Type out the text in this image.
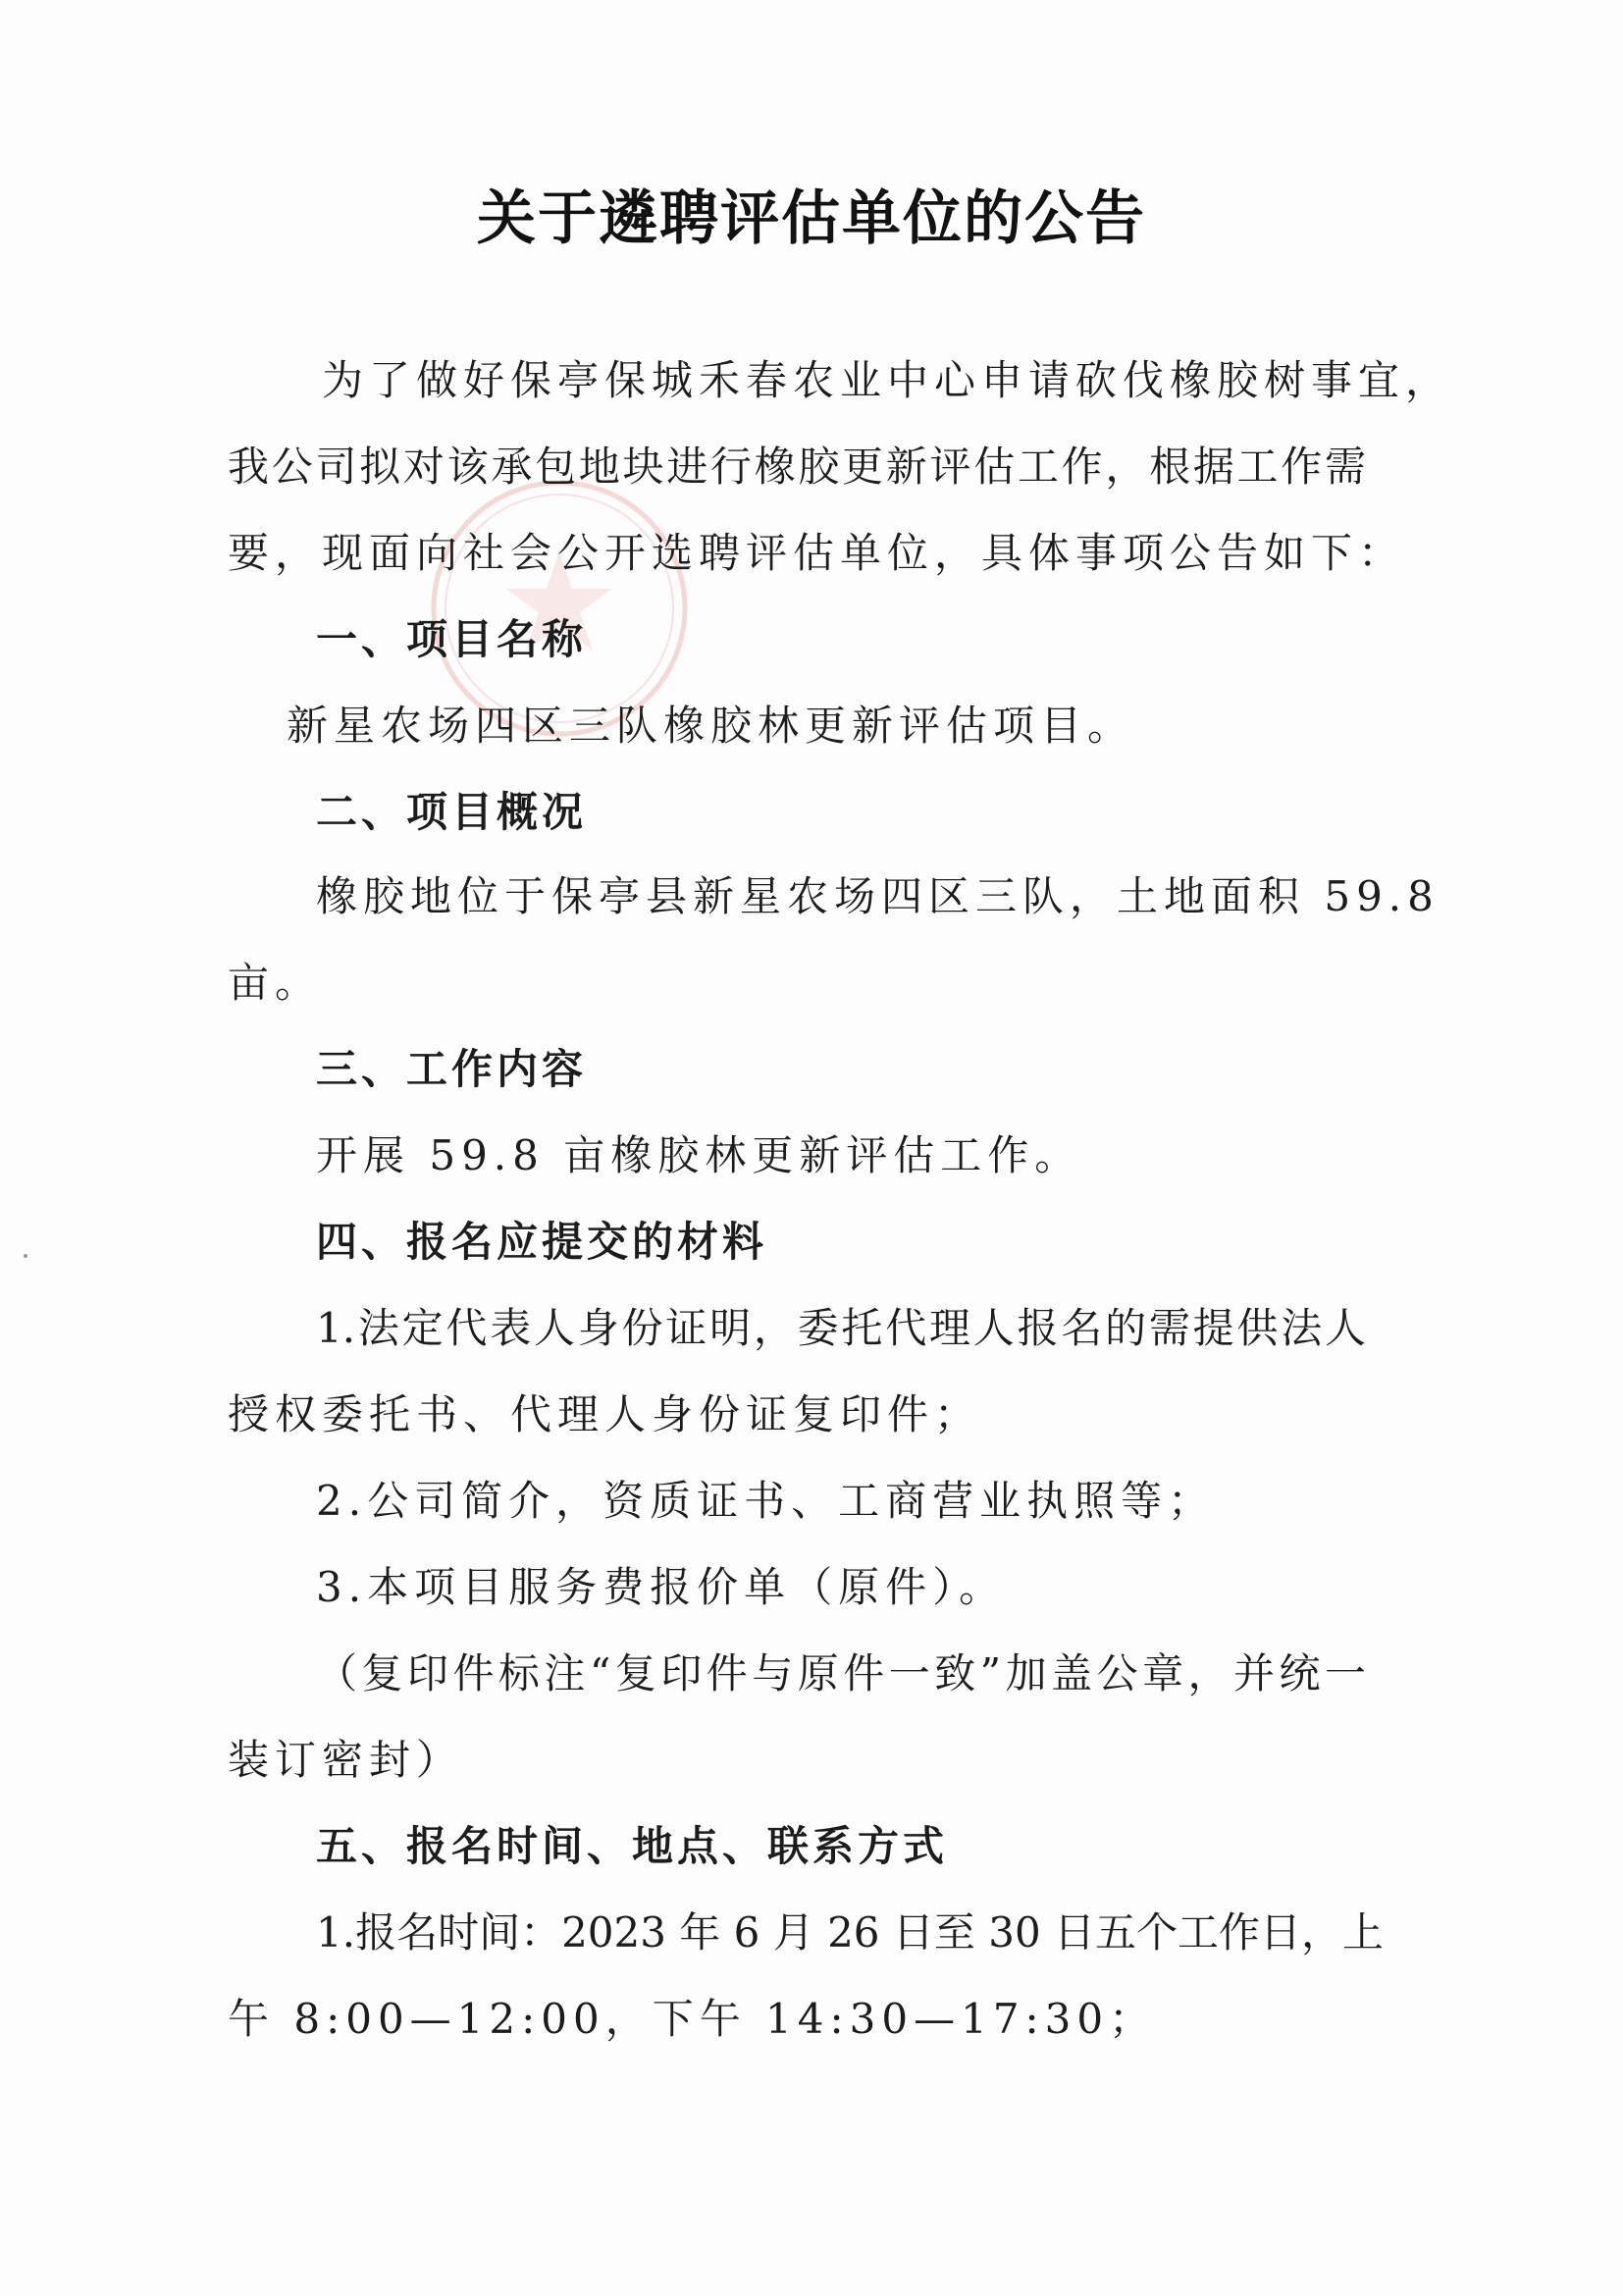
关于遴聘评估单位的公告
为了做好保亭保城禾春农业中心申请砍伐橡胶树事宜，
我公司拟对该承包地块进行橡胶更新评估工作，根据工作需
要，现面向社会公开选聘评估单位，具体事项公告如下：
一、项目名称
新星农场四区三队橡胶林更新评估项目。
二、项目概况
橡胶地位于保亭县新星农场四区三队，土地面积 59.8
亩。
三、工作内容
开展 59.8 亩橡胶林更新评估工作。
四、报名应提交的材料
1.法定代表人身份证明，委托代理人报名的需提供法人
授权委托书、代理人身份证复印件；
2.公司简介，资质证书、工商营业执照等；
3.本项目服务费报价单（原件）。
（复印件标注“复印件与原件一致”加盖公章，并统一
装订密封）
五、报名时间、地点、联系方式
1.报名时间：2023 年 6 月 26 日至 30 日五个工作日，上
午 8:00—12:00，下午 14:30—17:30；
